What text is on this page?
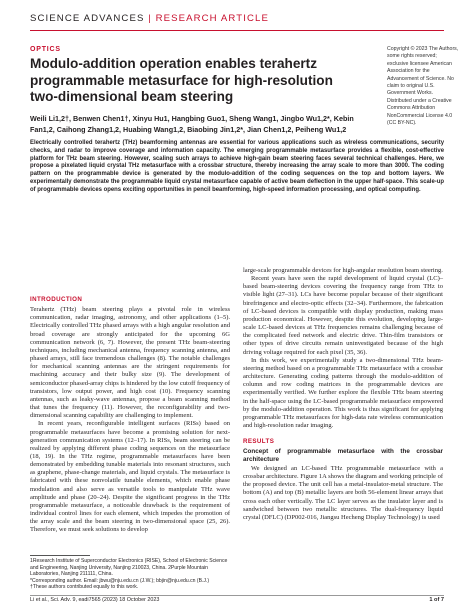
SCIENCE ADVANCES | RESEARCH ARTICLE
OPTICS
Modulo-addition operation enables terahertz programmable metasurface for high-resolution two-dimensional beam steering
Weili Li1,2†, Benwen Chen1†, Xinyu Hu1, Hangbing Guo1, Sheng Wang1, Jingbo Wu1,2*, Kebin Fan1,2, Caihong Zhang1,2, Huabing Wang1,2, Biaobing Jin1,2*, Jian Chen1,2, Peiheng Wu1,2
Copyright © 2023 The Authors, some rights reserved; exclusive licensee American Association for the Advancement of Science. No claim to original U.S. Government Works. Distributed under a Creative Commons Attribution NonCommercial License 4.0 (CC BY-NC).
Electrically controlled terahertz (THz) beamforming antennas are essential for various applications such as wireless communications, security checks, and radar to improve coverage and information capacity. The emerging programmable metasurface provides a flexible, cost-effective platform for THz beam steering. However, scaling such arrays to achieve high-gain beam steering faces several technical challenges. Here, we propose a pixelated liquid crystal THz metasurface with a crossbar structure, thereby increasing the array scale to more than 3000. The coding pattern on the programmable device is generated by the modulo-addition of the coding sequences on the top and bottom layers. We experimentally demonstrate the programmable liquid crystal metasurface capable of active beam deflection in the upper half-space. This scale-up of programmable devices opens exciting opportunities in pencil beamforming, high-speed information processing, and optical computing.
INTRODUCTION

Terahertz (THz) beam steering plays a pivotal role in wireless communication, radar imaging, astronomy, and other applications (1–5). Electrically controlled THz phased arrays with a high angular resolution and broad coverage are strongly anticipated for the upcoming 6G communication network (6, 7). However, the present THz beam-steering techniques, including mechanical antenna, frequency scanning antenna, and phased arrays, still face tremendous challenges (8). The notable challenges for mechanical scanning antennas are the stringent requirements for machining accuracy and their bulky size (9). The development of semiconductor phased-array chips is hindered by the low cutoff frequency of transistors, low output power, and high cost (10). Frequency scanning antennas, such as leaky-wave antennas, propose a beam scanning method that tunes the frequency (11). However, the reconfigurability and two-dimensional scanning capability are challenging to implement.

In recent years, reconfigurable intelligent surfaces (RISs) based on programmable metasurfaces have become a promising solution for next-generation communication systems (12–17). In RISs, beam steering can be realized by applying different phase coding sequences on the metasurface (18, 19). In the THz regime, programmable metasurfaces have been demonstrated by embedding tunable materials into resonant structures, such as graphene, phase-change materials, and liquid crystals. The metasurface is fabricated with these nonvolatile tunable elements, which enable phase modulation and also serve as versatile tools to manipulate THz wave amplitude and phase (20–24). Despite the significant progress in the THz programmable metasurface, a noticeable drawback is the requirement of individual control lines for each element, which impedes the promotion of the array scale and the beam steering in two-dimensional space (25, 26). Therefore, we must seek solutions to develop

large-scale programmable devices for high-angular resolution beam steering.

Recent years have seen the rapid development of liquid crystal (LC)–based beam-steering devices covering the frequency range from THz to visible light (27–31). LCs have become popular because of their significant birefringence and electro-optic effects (32–34). Furthermore, the fabrication of LC-based devices is compatible with display production, making mass production economical. However, despite this evolution, developing large-scale LC-based devices at THz frequencies remains challenging because of the complicated feed network and electric drive. Thin-film transistors or other types of drive circuits remain uninvestigated because of the high driving voltage required for each pixel (35, 36).

In this work, we experimentally study a two-dimensional THz beam-steering method based on a programmable THz metasurface with a crossbar architecture. Generating coding patterns through the modulo-addition of column and row coding matrices in the programmable devices are experimentally verified. We further explore the flexible THz beam steering in the half-space using the LC-based programmable metasurface empowered by the modulo-addition operation. This work is thus significant for applying programmable THz metasurfaces for high-data rate wireless communication and high-resolution radar imaging.

RESULTS
Concept of programmable metasurface with the crossbar architecture

We designed an LC-based THz programmable metasurface with a crossbar architecture. Figure 1A shows the diagram and working principle of the proposed device. The unit cell has a metal-insulator-metal structure. The bottom (A) and top (B) metallic layers are both 56-element linear arrays that cross each other vertically. The LC layer serves as the insulator layer and is sandwiched between two metallic structures. The dual-frequency liquid crystal (DFLC) (DP002-016, Jiangsu Hecheng Display Technology) is used

1Research Institute of Superconductor Electronics (RISE), School of Electronic Science and Engineering, Nanjing University, Nanjing 210023, China. 2Purple Mountain Laboratories, Nanjing 211111, China.

*Corresponding author. Email: jbwu@nju.edu.cn (J.W.); bbjin@nju.edu.cn (B.J.)

†These authors contributed equally to this work.

Li et al., Sci. Adv. 9, eadi7565 (2023) 18 October 2023	1 of 7
